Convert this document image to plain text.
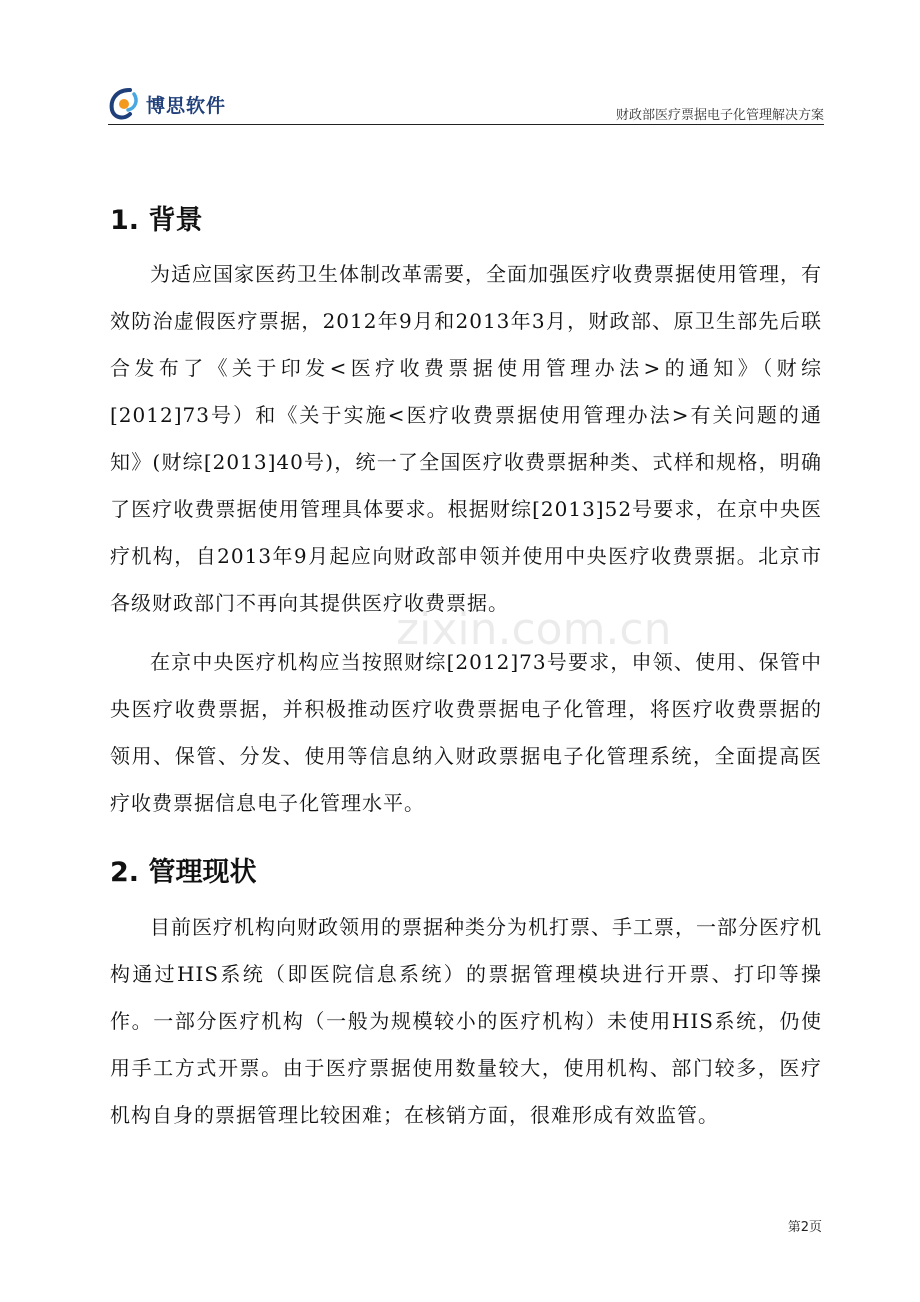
博思软件	财政部医疗票据电子化管理解决方案
1. 背景

为适应国家医药卫生体制改革需要，全面加强医疗收费票据使用管理，有效防治虚假医疗票据，2012年9月和2013年3月，财政部、原卫生部先后联合发布了《关于印发<医疗收费票据使用管理办法>的通知》（财综[2012]73号）和《关于实施<医疗收费票据使用管理办法>有关问题的通知》(财综[2013]40号)，统一了全国医疗收费票据种类、式样和规格，明确了医疗收费票据使用管理具体要求。根据财综[2013]52号要求，在京中央医疗机构，自2013年9月起应向财政部申领并使用中央医疗收费票据。北京市各级财政部门不再向其提供医疗收费票据。

在京中央医疗机构应当按照财综[2012]73号要求，申领、使用、保管中央医疗收费票据，并积极推动医疗收费票据电子化管理，将医疗收费票据的领用、保管、分发、使用等信息纳入财政票据电子化管理系统，全面提高医疗收费票据信息电子化管理水平。

2. 管理现状

目前医疗机构向财政领用的票据种类分为机打票、手工票，一部分医疗机构通过HIS系统（即医院信息系统）的票据管理模块进行开票、打印等操作。一部分医疗机构（一般为规模较小的医疗机构）未使用HIS系统，仍使用手工方式开票。由于医疗票据使用数量较大，使用机构、部门较多，医疗机构自身的票据管理比较困难；在核销方面，很难形成有效监管。

zixin.com.cn
第2页
